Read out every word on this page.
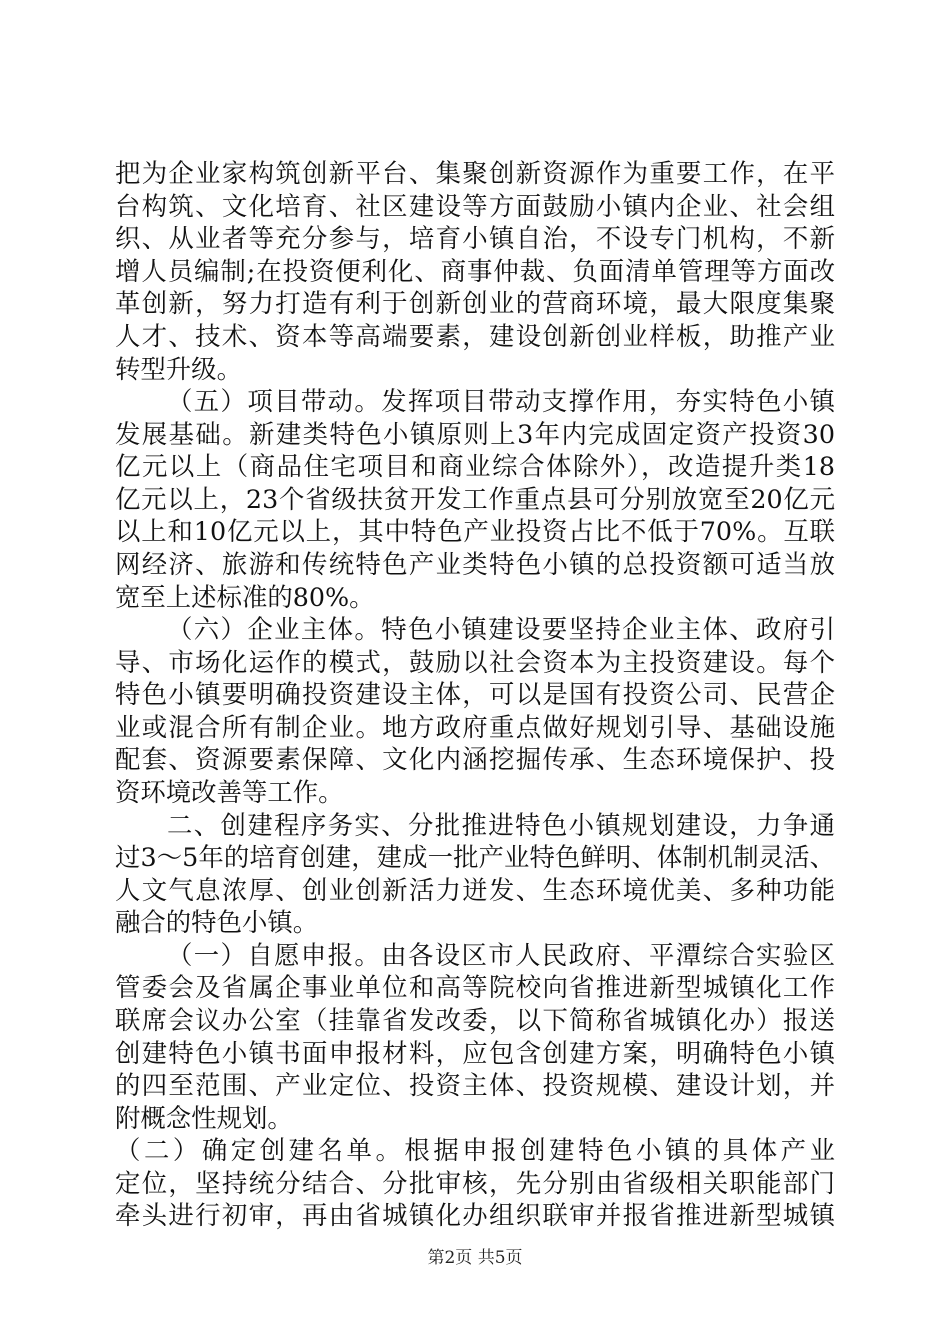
把为企业家构筑创新平台、集聚创新资源作为重要工作，在平
台构筑、文化培育、社区建设等方面鼓励小镇内企业、社会组
织、从业者等充分参与，培育小镇自治，不设专门机构，不新
增人员编制;在投资便利化、商事仲裁、负面清单管理等方面改
革创新，努力打造有利于创新创业的营商环境，最大限度集聚
人才、技术、资本等高端要素，建设创新创业样板，助推产业
转型升级。
（五）项目带动。发挥项目带动支撑作用，夯实特色小镇
发展基础。新建类特色小镇原则上3年内完成固定资产投资30
亿元以上（商品住宅项目和商业综合体除外），改造提升类18
亿元以上，23个省级扶贫开发工作重点县可分别放宽至20亿元
以上和10亿元以上，其中特色产业投资占比不低于70%。互联
网经济、旅游和传统特色产业类特色小镇的总投资额可适当放
宽至上述标准的80%。
（六）企业主体。特色小镇建设要坚持企业主体、政府引
导、市场化运作的模式，鼓励以社会资本为主投资建设。每个
特色小镇要明确投资建设主体，可以是国有投资公司、民营企
业或混合所有制企业。地方政府重点做好规划引导、基础设施
配套、资源要素保障、文化内涵挖掘传承、生态环境保护、投
资环境改善等工作。
二、创建程序务实、分批推进特色小镇规划建设，力争通
过3～5年的培育创建，建成一批产业特色鲜明、体制机制灵活、
人文气息浓厚、创业创新活力迸发、生态环境优美、多种功能
融合的特色小镇。
（一）自愿申报。由各设区市人民政府、平潭综合实验区
管委会及省属企事业单位和高等院校向省推进新型城镇化工作
联席会议办公室（挂靠省发改委，以下简称省城镇化办）报送
创建特色小镇书面申报材料，应包含创建方案，明确特色小镇
的四至范围、产业定位、投资主体、投资规模、建设计划，并
附概念性规划。
（二）确定创建名单。根据申报创建特色小镇的具体产业
定位，坚持统分结合、分批审核，先分别由省级相关职能部门
牵头进行初审，再由省城镇化办组织联审并报省推进新型城镇
第2页 共5页
